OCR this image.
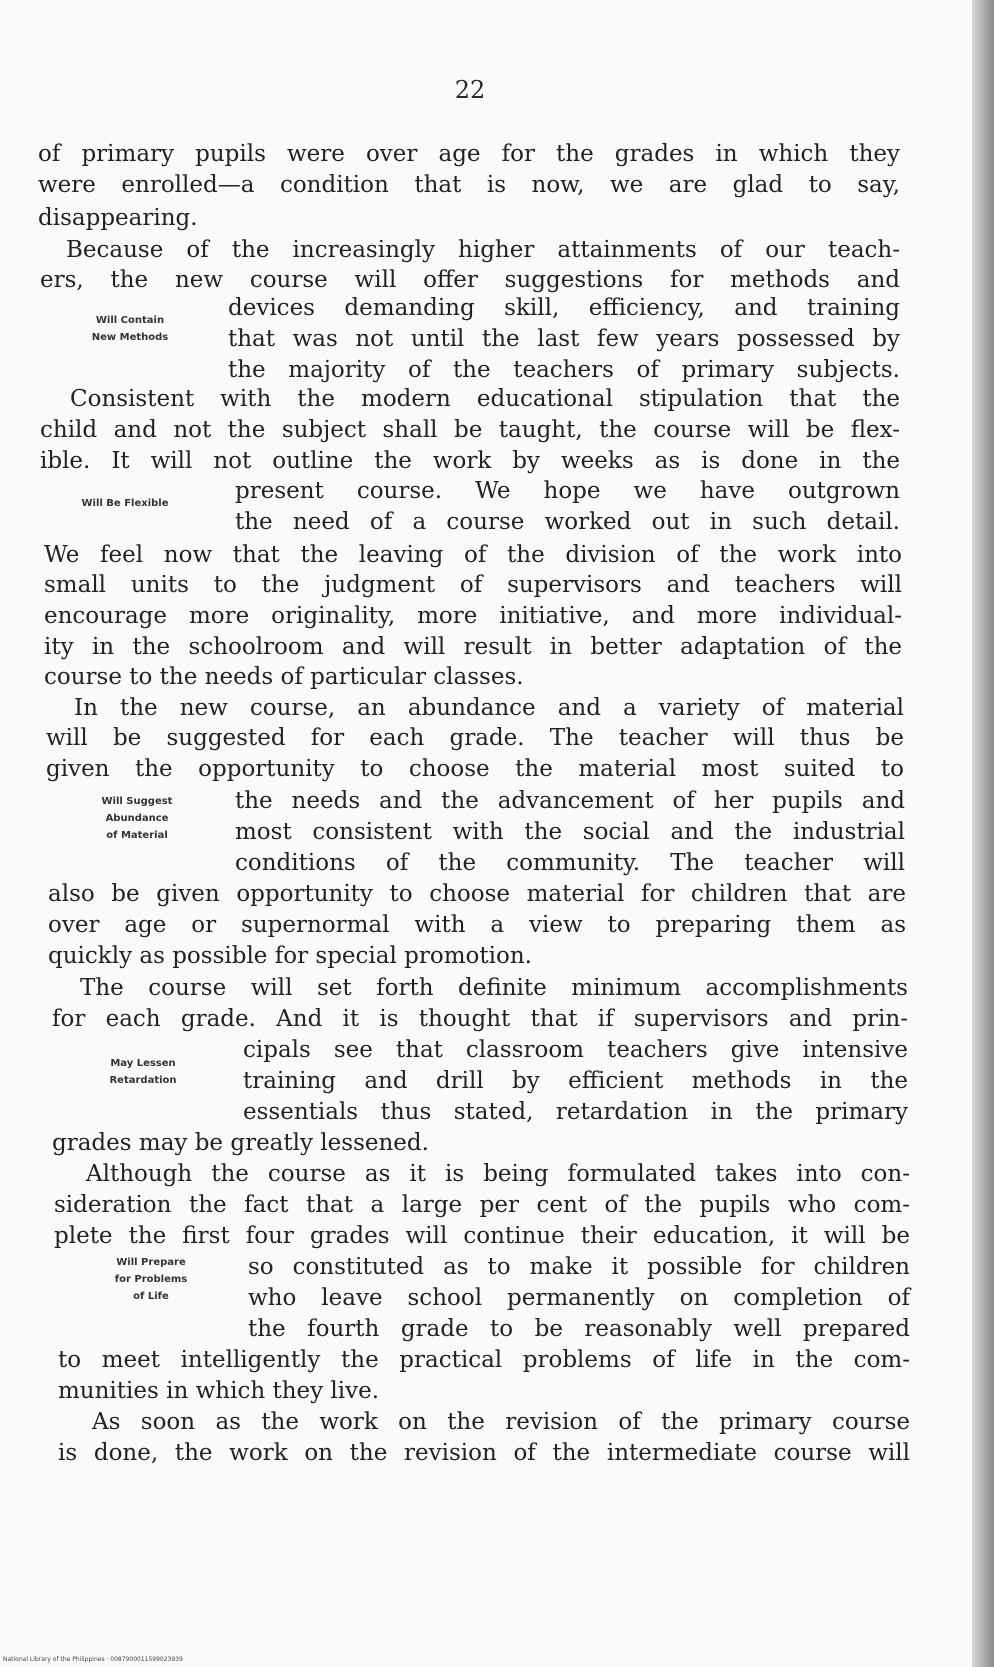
22
of primary pupils were over age for the grades in which they
were enrolled—a condition that is now, we are glad to say,
disappearing.
Because of the increasingly higher attainments of our teach-
ers, the new course will offer suggestions for methods and
devices demanding skill, efficiency, and training
that was not until the last few years possessed by
the majority of the teachers of primary subjects.
Consistent with the modern educational stipulation that the
child and not the subject shall be taught, the course will be flex-
ible. It will not outline the work by weeks as is done in the
present course. We hope we have outgrown
the need of a course worked out in such detail.
We feel now that the leaving of the division of the work into
small units to the judgment of supervisors and teachers will
encourage more originality, more initiative, and more individual-
ity in the schoolroom and will result in better adaptation of the
course to the needs of particular classes.
In the new course, an abundance and a variety of material
will be suggested for each grade. The teacher will thus be
given the opportunity to choose the material most suited to
the needs and the advancement of her pupils and
most consistent with the social and the industrial
conditions of the community. The teacher will
also be given opportunity to choose material for children that are
over age or supernormal with a view to preparing them as
quickly as possible for special promotion.
The course will set forth definite minimum accomplishments
for each grade. And it is thought that if supervisors and prin-
cipals see that classroom teachers give intensive
training and drill by efficient methods in the
essentials thus stated, retardation in the primary
grades may be greatly lessened.
Although the course as it is being formulated takes into con-
sideration the fact that a large per cent of the pupils who com-
plete the first four grades will continue their education, it will be
so constituted as to make it possible for children
who leave school permanently on completion of
the fourth grade to be reasonably well prepared
to meet intelligently the practical problems of life in the com-
munities in which they live.
As soon as the work on the revision of the primary course
is done, the work on the revision of the intermediate course will
Will Contain
New Methods
Will Be Flexible
Will Suggest
Abundance
of Material
May Lessen
Retardation
Will Prepare
for Problems
of Life
National Library of the Philippines · 0087900011599023939
